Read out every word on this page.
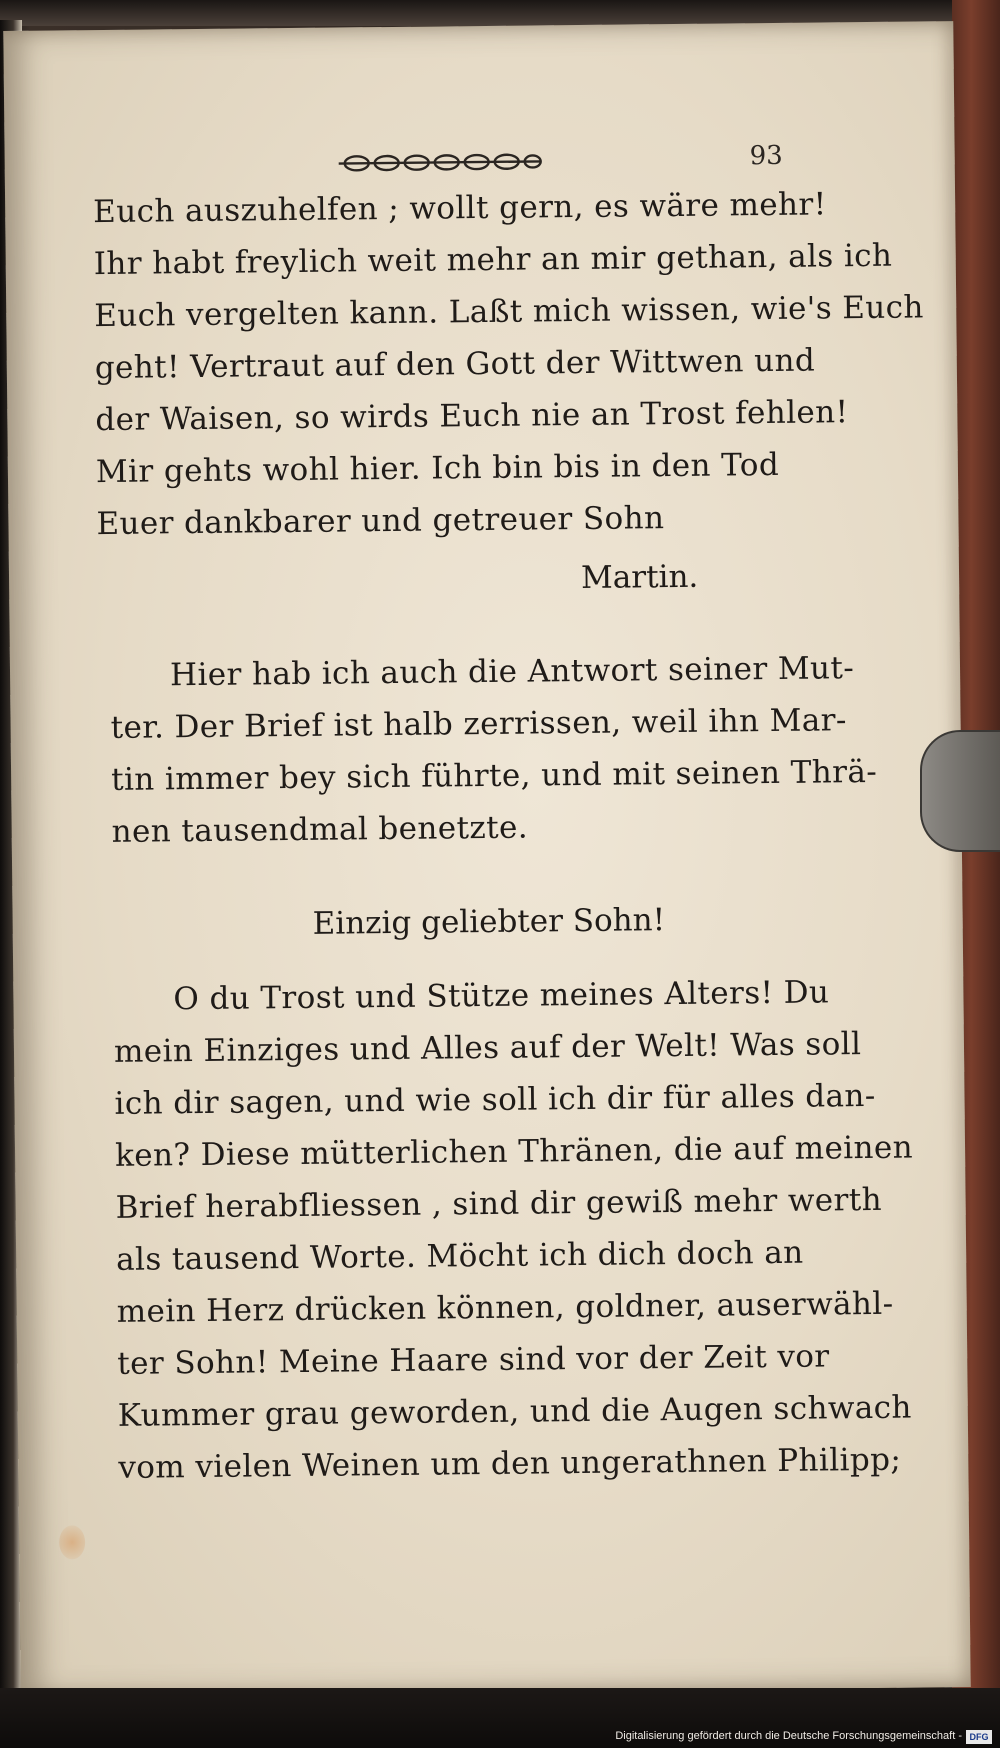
93
Euch auszuhelfen ; wollt gern, es wäre mehr!
Ihr habt freylich weit mehr an mir gethan, als ich
Euch vergelten kann. Laßt mich wissen, wie's Euch
geht! Vertraut auf den Gott der Wittwen und
der Waisen, so wirds Euch nie an Trost fehlen!
Mir gehts wohl hier. Ich bin bis in den Tod
Euer dankbarer und getreuer Sohn
Martin.
Hier hab ich auch die Antwort seiner Mut-
ter. Der Brief ist halb zerrissen, weil ihn Mar-
tin immer bey sich führte, und mit seinen Thrä-
nen tausendmal benetzte.
Einzig geliebter Sohn!
O du Trost und Stütze meines Alters! Du
mein Einziges und Alles auf der Welt! Was soll
ich dir sagen, und wie soll ich dir für alles dan-
ken? Diese mütterlichen Thränen, die auf meinen
Brief herabfliessen , sind dir gewiß mehr werth
als tausend Worte. Möcht ich dich doch an
mein Herz drücken können, goldner, auserwähl-
ter Sohn! Meine Haare sind vor der Zeit vor
Kummer grau geworden, und die Augen schwach
vom vielen Weinen um den ungerathnen Philipp;
Digitalisierung gefördert durch die Deutsche Forschungsgemeinschaft - DFG
